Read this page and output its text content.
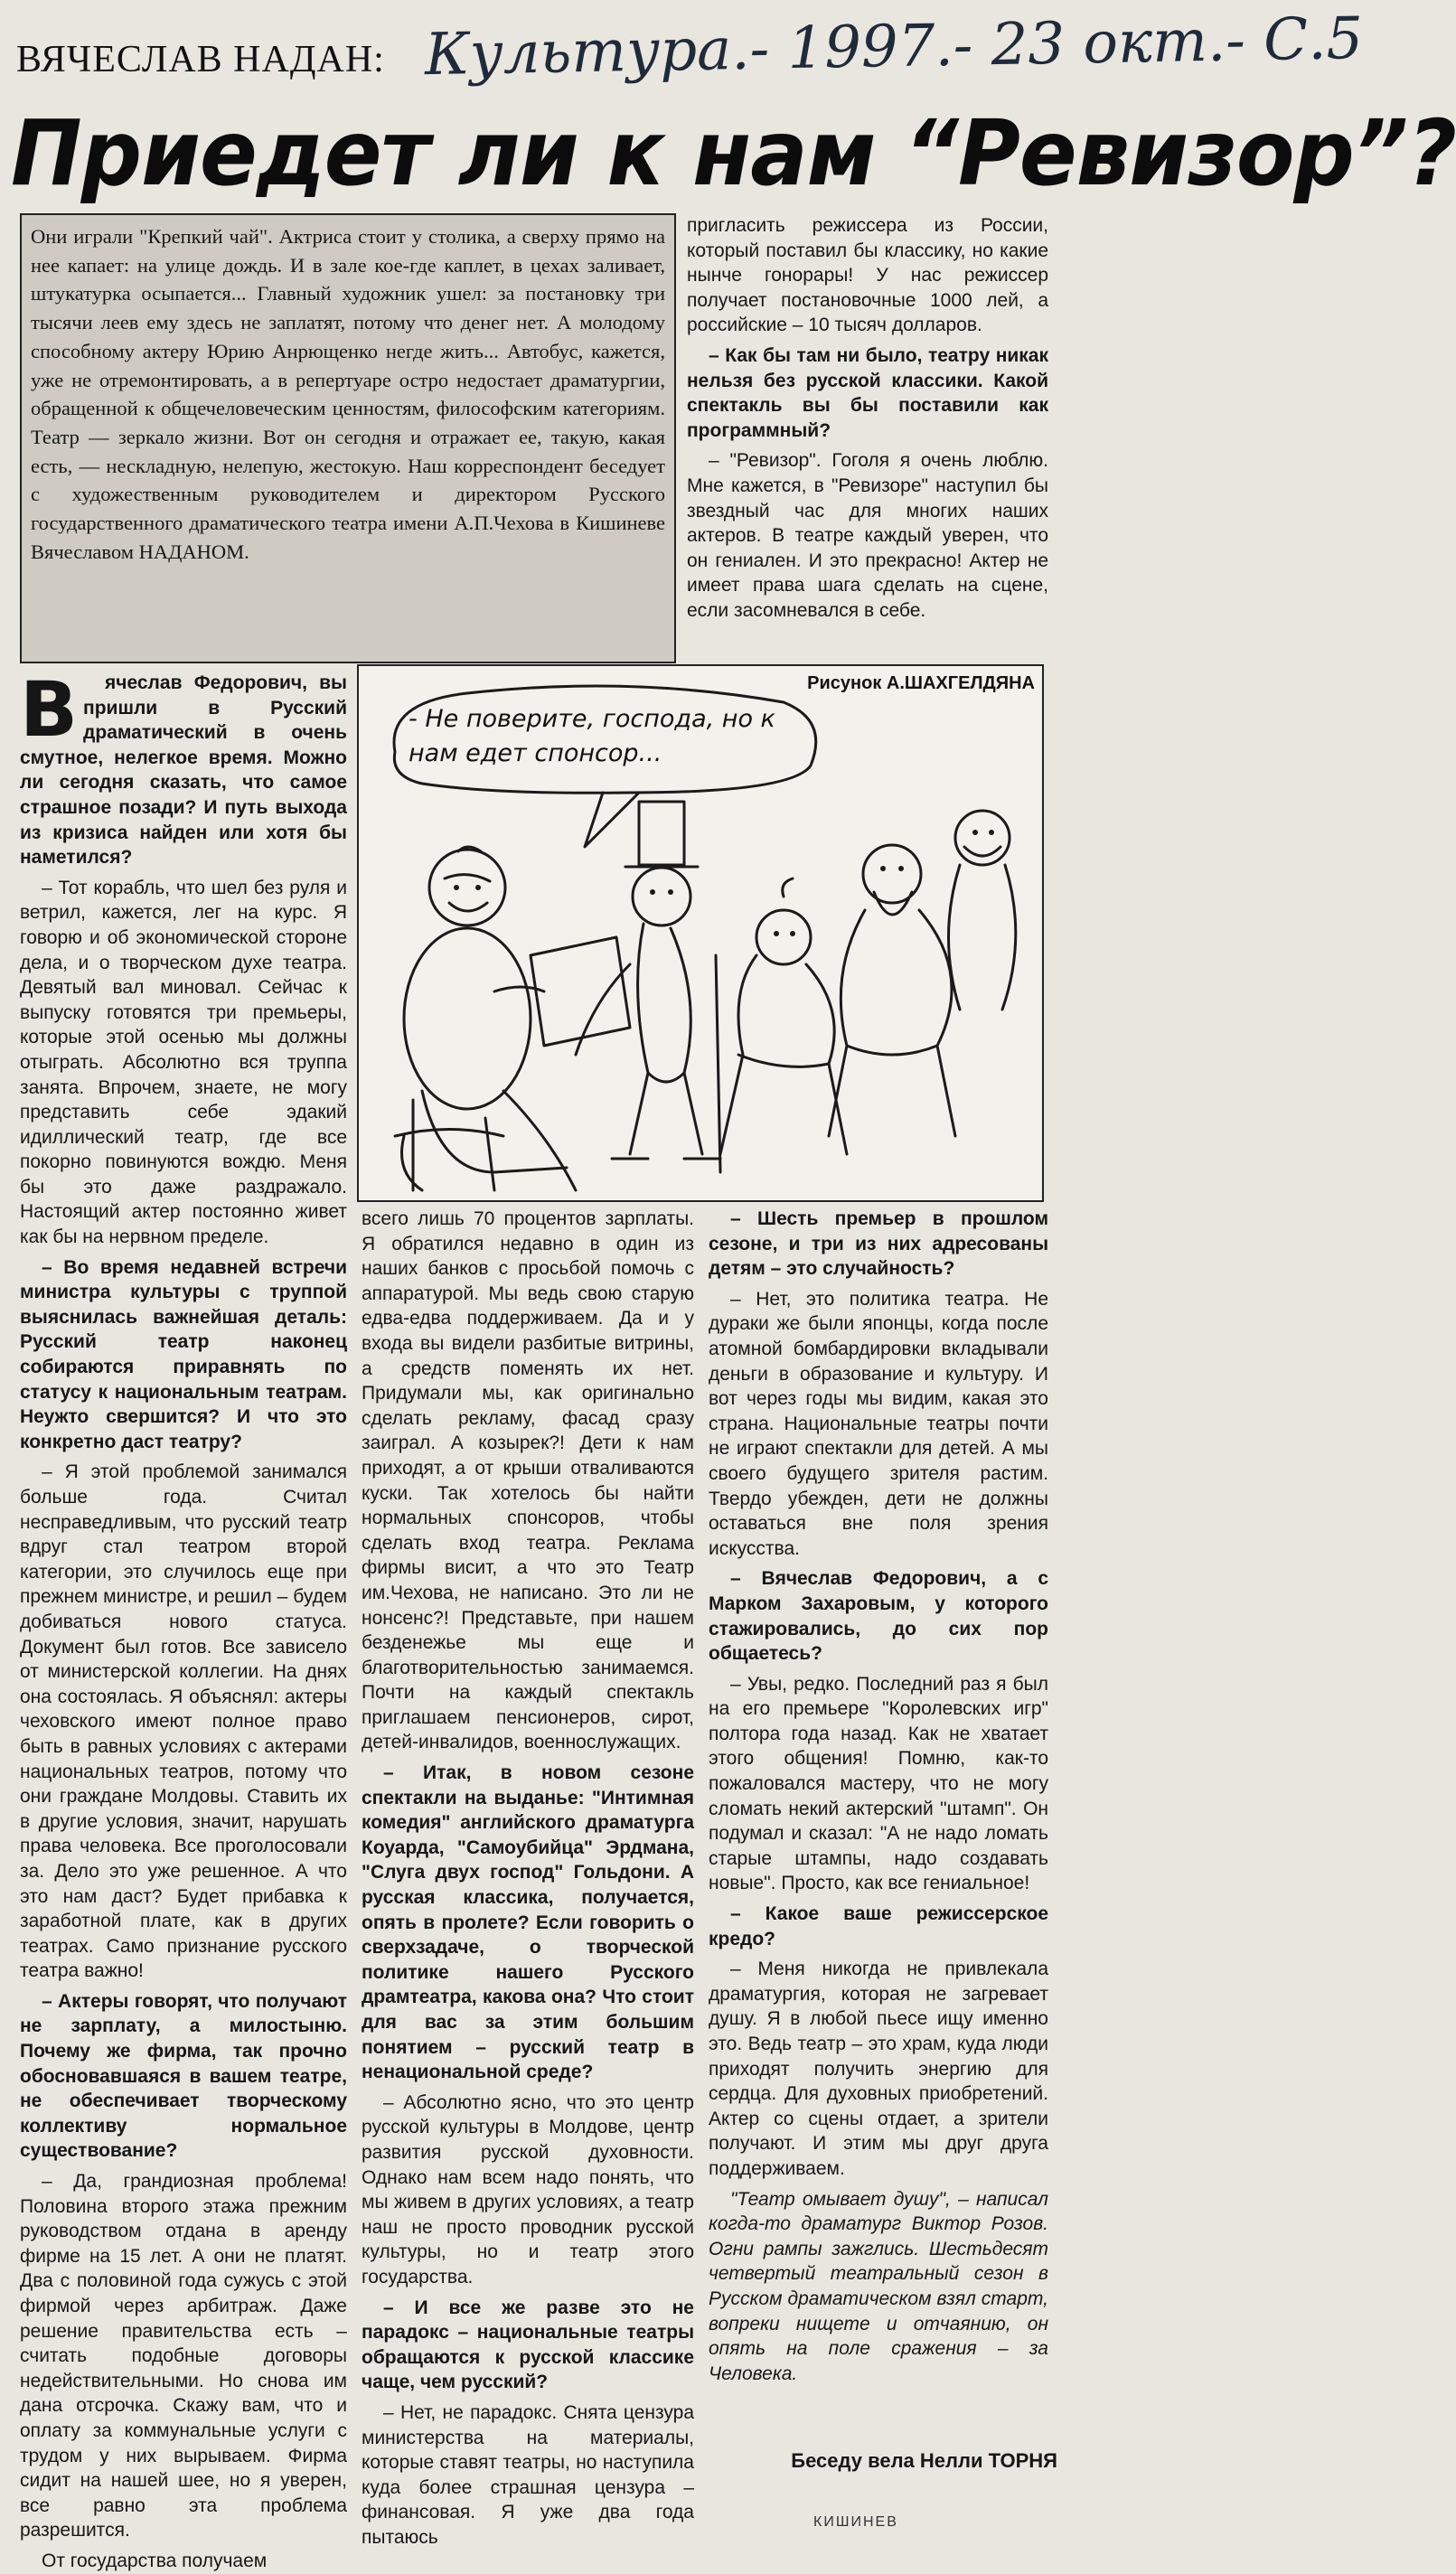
ВЯЧЕСЛАВ НАДАН: Культура.- 1997.- 23 окт.- С.5
Приедет ли к нам “Ревизор”?
Они играли "Крепкий чай". Актриса стоит у столика, а сверху прямо на нее капает: на улице дождь. И в зале кое-где каплет, в цехах заливает, штукатурка осыпается... Главный художник ушел: за постановку три тысячи леев ему здесь не заплатят, потому что денег нет. А молодому способному актеру Юрию Анрющенко негде жить... Автобус, кажется, уже не отремонтировать, а в репертуаре остро недостает драматургии, обращенной к общечеловеческим ценностям, философским категориям. Театр — зеркало жизни. Вот он сегодня и отражает ее, такую, какая есть, — нескладную, нелепую, жестокую. Наш корреспондент беседует с художественным руководителем и директором Русского государственного драматического театра имени А.П.Чехова в Кишиневе Вячеславом НАДАНОМ.

пригласить режиссера из России, который поставил бы классику, но какие нынче гонорары! У нас режиссер получает постановочные 1000 лей, а российские – 10 тысяч долларов.

– Как бы там ни было, театру никак нельзя без русской классики. Какой спектакль вы бы поставили как программный?

– "Ревизор". Гоголя я очень люблю. Мне кажется, в "Ревизоре" наступил бы звездный час для многих наших актеров. В театре каждый уверен, что он гениален. И это прекрасно! Актер не имеет права шага сделать на сцене, если засомневался в себе.

В ячеслав Федорович, вы пришли в Русский драматический в очень смутное, нелегкое время. Можно ли сегодня сказать, что самое страшное позади? И путь выхода из кризиса найден или хотя бы наметился?

– Тот корабль, что шел без руля и ветрил, кажется, лег на курс. Я говорю и об экономической стороне дела, и о творческом духе театра. Девятый вал миновал. Сейчас к выпуску готовятся три премьеры, которые этой осенью мы должны отыграть. Абсолютно вся труппа занята. Впрочем, знаете, не могу представить себе эдакий идиллический театр, где все покорно повинуются вождю. Меня бы это даже раздражало. Настоящий актер постоянно живет как бы на нервном пределе.

– Во время недавней встречи министра культуры с труппой выяснилась важнейшая деталь: Русский театр наконец собираются приравнять по статусу к национальным театрам. Неужто свершится? И что это конкретно даст театру?

– Я этой проблемой занимался больше года. Считал несправедливым, что русский театр вдруг стал театром второй категории, это случилось еще при прежнем министре, и решил – будем добиваться нового статуса. Документ был готов. Все зависело от министерской коллегии. На днях она состоялась. Я объяснял: актеры чеховского имеют полное право быть в равных условиях с актерами национальных театров, потому что они граждане Молдовы. Ставить их в другие условия, значит, нарушать права человека. Все проголосовали за. Дело это уже решенное. А что это нам даст? Будет прибавка к заработной плате, как в других театрах. Само признание русского театра важно!

– Актеры говорят, что получают не зарплату, а милостыню. Почему же фирма, так прочно обосновавшаяся в вашем театре, не обеспечивает творческому коллективу нормальное существование?

– Да, грандиозная проблема! Половина второго этажа прежним руководством отдана в аренду фирме на 15 лет. А они не платят. Два с половиной года сужусь с этой фирмой через арбитраж. Даже решение правительства есть – считать подобные договоры недействительными. Но снова им дана отсрочка. Скажу вам, что и оплату за коммунальные услуги с трудом у них вырываем. Фирма сидит на нашей шее, но я уверен, все равно эта проблема разрешится.

От государства получаем

Рисунок А.ШАХГЕЛДЯНА
- Не поверите, господа, но к нам едет спонсор...

всего лишь 70 процентов зарплаты. Я обратился недавно в один из наших банков с просьбой помочь с аппаратурой. Мы ведь свою старую едва-едва поддерживаем. Да и у входа вы видели разбитые витрины, а средств поменять их нет. Придумали мы, как оригинально сделать рекламу, фасад сразу заиграл. А козырек?! Дети к нам приходят, а от крыши отваливаются куски. Так хотелось бы найти нормальных спонсоров, чтобы сделать вход театра. Реклама фирмы висит, а что это Театр им.Чехова, не написано. Это ли не нонсенс?! Представьте, при нашем безденежье мы еще и благотворительностью занимаемся. Почти на каждый спектакль приглашаем пенсионеров, сирот, детей-инвалидов, военнослужащих.

– Итак, в новом сезоне спектакли на выданье: "Интимная комедия" английского драматурга Коуарда, "Самоубийца" Эрдмана, "Слуга двух господ" Гольдони. А русская классика, получается, опять в пролете? Если говорить о сверхзадаче, о творческой политике нашего Русского драмтеатра, какова она? Что стоит для вас за этим большим понятием – русский театр в ненациональной среде?

– Абсолютно ясно, что это центр русской культуры в Молдове, центр развития русской духовности. Однако нам всем надо понять, что мы живем в других условиях, а театр наш не просто проводник русской культуры, но и театр этого государства.

– И все же разве это не парадокс – национальные театры обращаются к русской классике чаще, чем русский?

– Нет, не парадокс. Снята цензура министерства на материалы, которые ставят театры, но наступила куда более страшная цензура – финансовая. Я уже два года пытаюсь

– Шесть премьер в прошлом сезоне, и три из них адресованы детям – это случайность?

– Нет, это политика театра. Не дураки же были японцы, когда после атомной бомбардировки вкладывали деньги в образование и культуру. И вот через годы мы видим, какая это страна. Национальные театры почти не играют спектакли для детей. А мы своего будущего зрителя растим. Твердо убежден, дети не должны оставаться вне поля зрения искусства.

– Вячеслав Федорович, а с Марком Захаровым, у которого стажировались, до сих пор общаетесь?

– Увы, редко. Последний раз я был на его премьере "Королевских игр" полтора года назад. Как не хватает этого общения! Помню, как-то пожаловался мастеру, что не могу сломать некий актерский "штамп". Он подумал и сказал: "А не надо ломать старые штампы, надо создавать новые". Просто, как все гениальное!

– Какое ваше режиссерское кредо?

– Меня никогда не привлекала драматургия, которая не загревает душу. Я в любой пьесе ищу именно это. Ведь театр – это храм, куда люди приходят получить энергию для сердца. Для духовных приобретений. Актер со сцены отдает, а зрители получают. И этим мы друг друга поддерживаем.

"Театр омывает душу", – написал когда-то драматург Виктор Розов. Огни рампы зажглись. Шестьдесят четвертый театральный сезон в Русском драматическом взял старт, вопреки нищете и отчаянию, он опять на поле сражения – за Человека.

Беседу вела Нелли ТОРНЯ
КИШИНЕВ
